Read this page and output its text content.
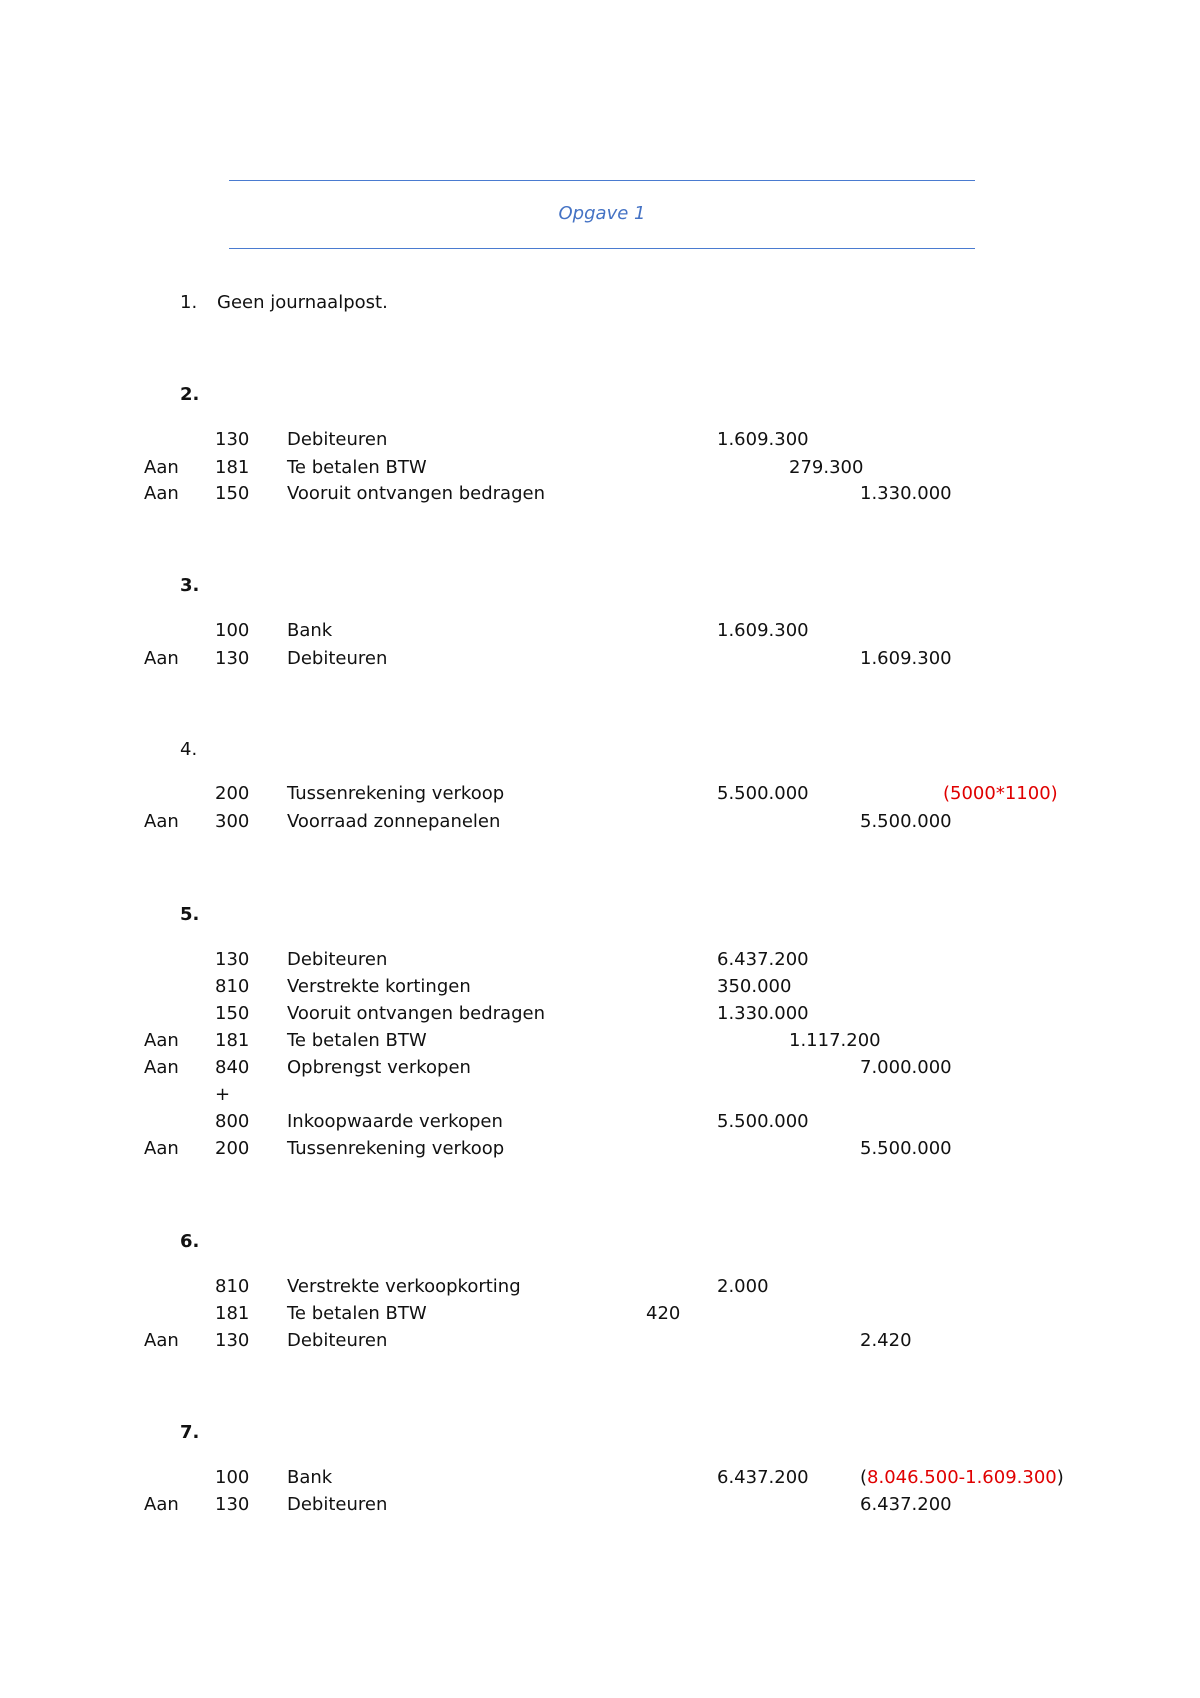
Opgave 1
1. Geen journaalpost.
2.
130 Debiteuren	1.609.300
Aan 181 Te betalen BTW	279.300
Aan 150 Vooruit ontvangen bedragen	1.330.000
3.
100 Bank	1.609.300
Aan 130 Debiteuren	1.609.300
4.
200 Tussenrekening verkoop	5.500.000	(5000*1100)
Aan 300 Voorraad zonnepanelen	5.500.000
5.
130 Debiteuren	6.437.200
810 Verstrekte kortingen	350.000
150 Vooruit ontvangen bedragen	1.330.000
Aan 181 Te betalen BTW	1.117.200
Aan 840 Opbrengst verkopen	7.000.000
+
800 Inkoopwaarde verkopen	5.500.000
Aan 200 Tussenrekening verkoop	5.500.000
6.
810 Verstrekte verkoopkorting	2.000
181 Te betalen BTW	420
Aan 130 Debiteuren	2.420
7.
100 Bank	6.437.200	(8.046.500-1.609.300)
Aan 130 Debiteuren	6.437.200
